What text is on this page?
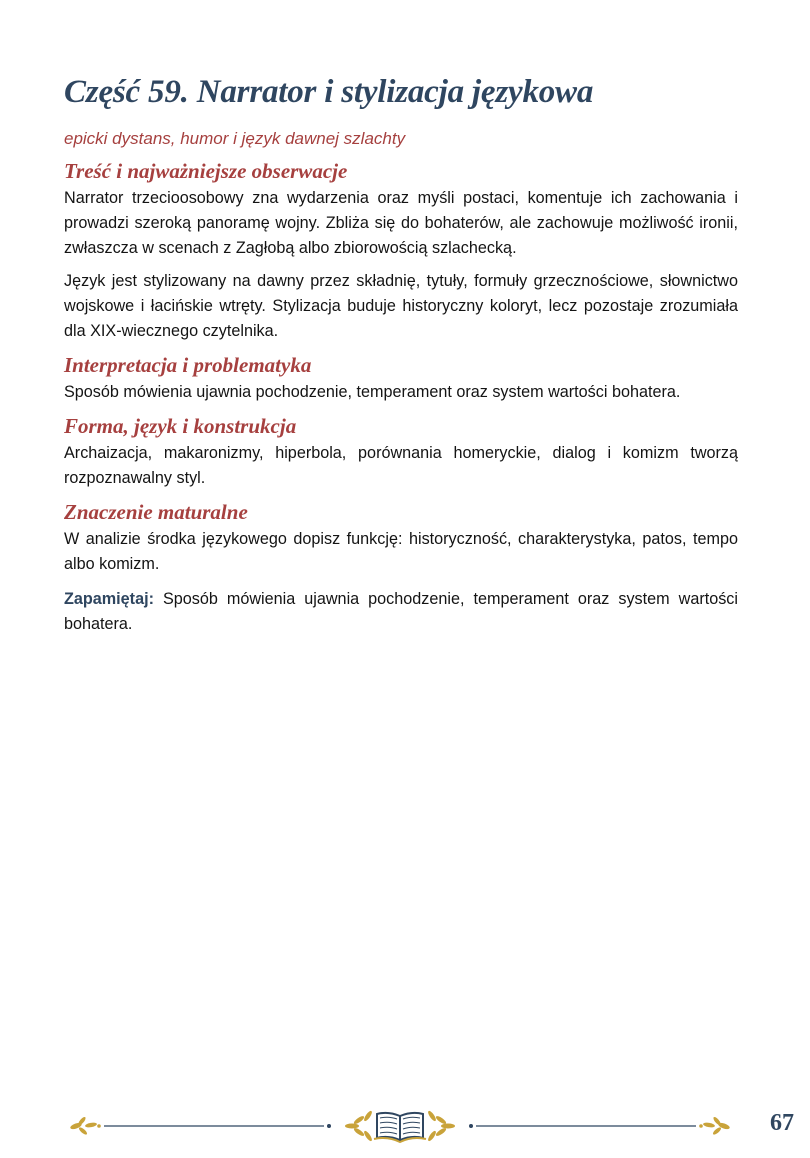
Część 59. Narrator i stylizacja językowa
epicki dystans, humor i język dawnej szlachty
Treść i najważniejsze obserwacje

Narrator trzecioosobowy zna wydarzenia oraz myśli postaci, komentuje ich zachowania i prowadzi szeroką panoramę wojny. Zbliża się do bohaterów, ale zachowuje możliwość ironii, zwłaszcza w scenach z Zagłobą albo zbiorowością szlachecką.

Język jest stylizowany na dawny przez składnię, tytuły, formuły grzecznościowe, słownictwo wojskowe i łacińskie wtręty. Stylizacja buduje historyczny koloryt, lecz pozostaje zrozumiała dla XIX-wiecznego czytelnika.

Interpretacja i problematyka

Sposób mówienia ujawnia pochodzenie, temperament oraz system wartości bohatera.

Forma, język i konstrukcja

Archaizacja, makaronizmy, hiperbola, porównania homeryckie, dialog i komizm tworzą rozpoznawalny styl.

Znaczenie maturalne

W analizie środka językowego dopisz funkcję: historyczność, charakterystyka, patos, tempo albo komizm.

Zapamiętaj: Sposób mówienia ujawnia pochodzenie, temperament oraz system wartości bohatera.

67
